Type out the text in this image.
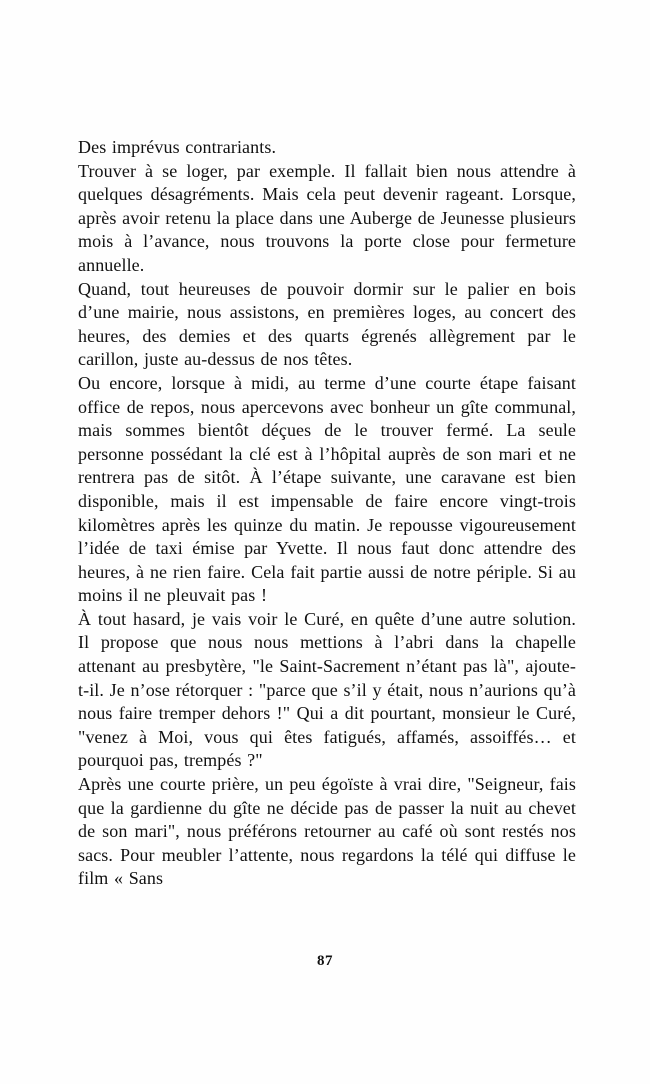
Des imprévus contrariants.

Trouver à se loger, par exemple. Il fallait bien nous attendre à quelques désagréments. Mais cela peut devenir rageant. Lorsque, après avoir retenu la place dans une Auberge de Jeunesse plusieurs mois à l’avance, nous trouvons la porte close pour fermeture annuelle.

Quand, tout heureuses de pouvoir dormir sur le palier en bois d’une mairie, nous assistons, en premières loges, au concert des heures, des demies et des quarts égrenés allègrement par le carillon, juste au-dessus de nos têtes.

Ou encore, lorsque à midi, au terme d’une courte étape faisant office de repos, nous apercevons avec bonheur un gîte communal, mais sommes bientôt déçues de le trouver fermé. La seule personne possédant la clé est à l’hôpital auprès de son mari et ne rentrera pas de sitôt. À l’étape suivante, une caravane est bien disponible, mais il est impensable de faire encore vingt-trois kilomètres après les quinze du matin. Je repousse vigoureusement l’idée de taxi émise par Yvette. Il nous faut donc attendre des heures, à ne rien faire. Cela fait partie aussi de notre périple. Si au moins il ne pleuvait pas !

À tout hasard, je vais voir le Curé, en quête d’une autre solution. Il propose que nous nous mettions à l’abri dans la chapelle attenant au presbytère, "le Saint-Sacrement n’étant pas là", ajoute-t-il. Je n’ose rétorquer : "parce que s’il y était, nous n’aurions qu’à nous faire tremper dehors !" Qui a dit pourtant, monsieur le Curé, "venez à Moi, vous qui êtes fatigués, affamés, assoiffés… et pourquoi pas, trempés ?"

Après une courte prière, un peu égoïste à vrai dire, "Seigneur, fais que la gardienne du gîte ne décide pas de passer la nuit au chevet de son mari", nous préférons retourner au café où sont restés nos sacs. Pour meubler l’attente, nous regardons la télé qui diffuse le film « Sans

87
